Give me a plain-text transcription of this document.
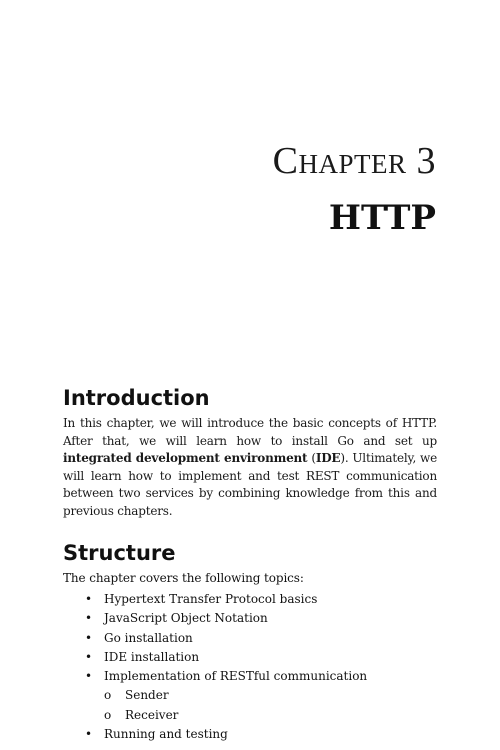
Chapter 3
HTTP
Introduction

In this chapter, we will introduce the basic concepts of HTTP. After that, we will learn how to install Go and set up integrated development environment (IDE). Ultimately, we will learn how to implement and test REST communication between two services by combining knowledge from this and previous chapters.

Structure

The chapter covers the following topics:

• Hypertext Transfer Protocol basics
• JavaScript Object Notation
• Go installation
• IDE installation
• Implementation of RESTful communication
o Sender
o Receiver
• Running and testing
